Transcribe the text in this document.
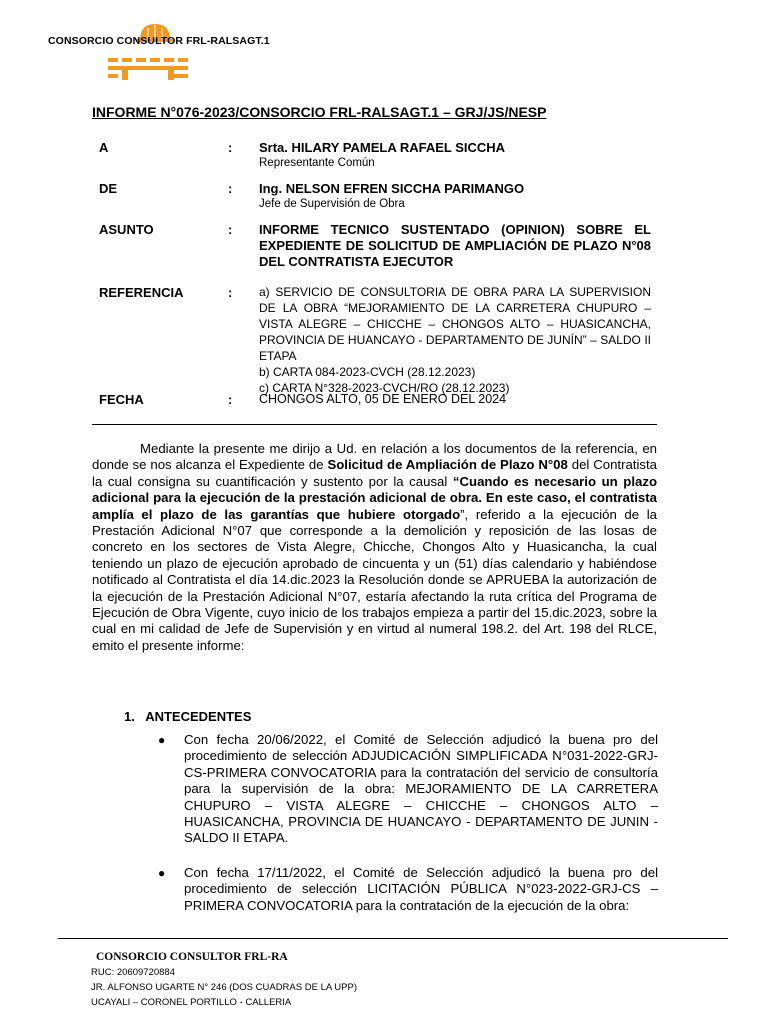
CONSORCIO CONSULTOR FRL-RALSAGT.1
INFORME N°076-2023/CONSORCIO FRL-RALSAGT.1 – GRJ/JS/NESP
A	: Srta. HILARY PAMELA RAFAEL SICCHA
Representante Común
DE	: Ing. NELSON EFREN SICCHA PARIMANGO
Jefe de Supervisión de Obra
ASUNTO	: INFORME TECNICO SUSTENTADO (OPINION) SOBRE EL EXPEDIENTE DE SOLICITUD DE AMPLIACIÓN DE PLAZO N°08 DEL CONTRATISTA EJECUTOR
REFERENCIA	: a) SERVICIO DE CONSULTORIA DE OBRA PARA LA SUPERVISION DE LA OBRA “MEJORAMIENTO DE LA CARRETERA CHUPURO – VISTA ALEGRE – CHICCHE – CHONGOS ALTO – HUASICANCHA, PROVINCIA DE HUANCAYO - DEPARTAMENTO DE JUNÍN” – SALDO II ETAPA
b) CARTA 084-2023-CVCH (28.12.2023)
c) CARTA N°328-2023-CVCH/RO (28.12.2023)
FECHA	: CHONGOS ALTO, 05 DE ENERO DEL 2024
Mediante la presente me dirijo a Ud. en relación a los documentos de la referencia, en donde se nos alcanza el Expediente de Solicitud de Ampliación de Plazo N°08 del Contratista la cual consigna su cuantificación y sustento por la causal “Cuando es necesario un plazo adicional para la ejecución de la prestación adicional de obra. En este caso, el contratista amplía el plazo de las garantías que hubiere otorgado”, referido a la ejecución de la Prestación Adicional N°07 que corresponde a la demolición y reposición de las losas de concreto en los sectores de Vista Alegre, Chicche, Chongos Alto y Huasicancha, la cual teniendo un plazo de ejecución aprobado de cincuenta y un (51) días calendario y habiéndose notificado al Contratista el día 14.dic.2023 la Resolución donde se APRUEBA la autorización de la ejecución de la Prestación Adicional N°07, estaría afectando la ruta crítica del Programa de Ejecución de Obra Vigente, cuyo inicio de los trabajos empieza a partir del 15.dic.2023, sobre la cual en mi calidad de Jefe de Supervisión y en virtud al numeral 198.2. del Art. 198 del RLCE, emito el presente informe:
1.   ANTECEDENTES
● Con fecha 20/06/2022, el Comité de Selección adjudicó la buena pro del procedimiento de selección ADJUDICACIÓN SIMPLIFICADA N°031-2022-GRJ-CS-PRIMERA CONVOCATORIA para la contratación del servicio de consultoría para la supervisión de la obra: MEJORAMIENTO DE LA CARRETERA CHUPURO – VISTA ALEGRE – CHICCHE – CHONGOS ALTO – HUASICANCHA, PROVINCIA DE HUANCAYO - DEPARTAMENTO DE JUNIN - SALDO II ETAPA.
● Con fecha 17/11/2022, el Comité de Selección adjudicó la buena pro del procedimiento de selección LICITACIÓN PÚBLICA N°023-2022-GRJ-CS – PRIMERA CONVOCATORIA para la contratación de la ejecución de la obra:
CONSORCIO CONSULTOR FRL-RA
RUC: 20609720884
JR. ALFONSO UGARTE N° 246 (DOS CUADRAS DE LA UPP)
UCAYALI – CORONEL PORTILLO - CALLERIA
